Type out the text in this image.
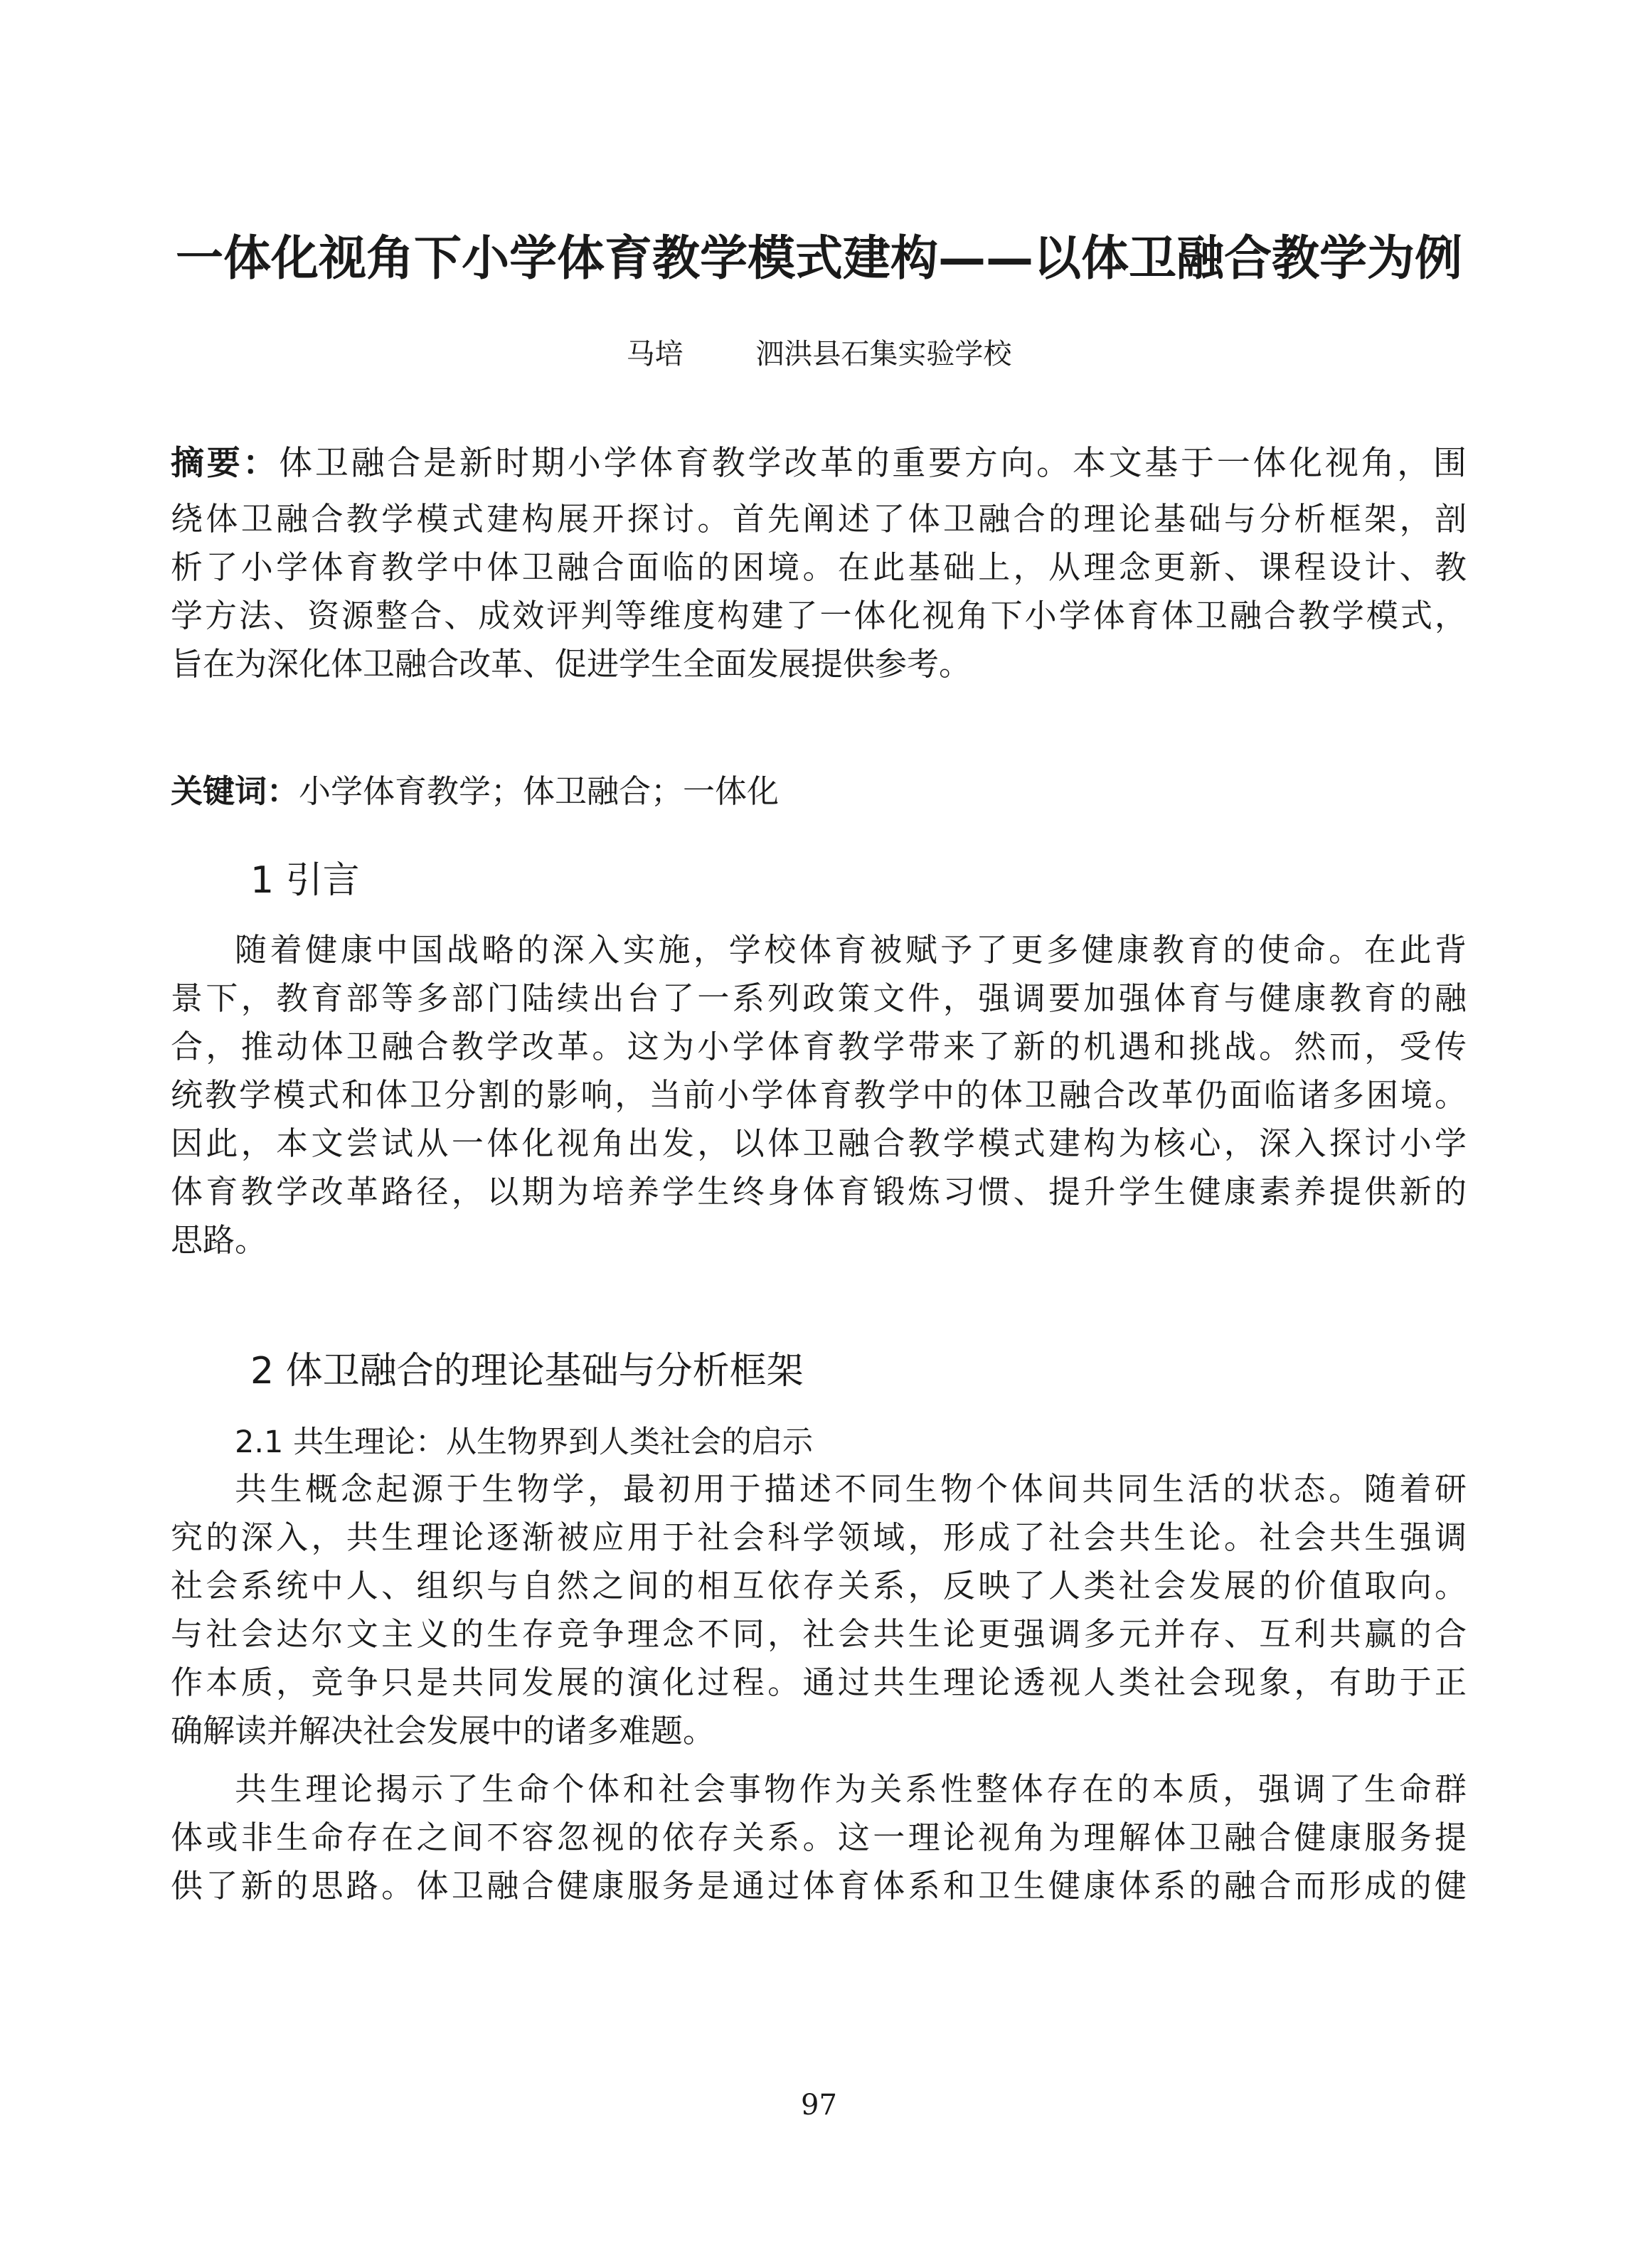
一体化视角下小学体育教学模式建构——以体卫融合教学为例
马培	泗洪县石集实验学校
摘要：体卫融合是新时期小学体育教学改革的重要方向。本文基于一体化视角，围
绕体卫融合教学模式建构展开探讨。首先阐述了体卫融合的理论基础与分析框架，剖
析了小学体育教学中体卫融合面临的困境。在此基础上，从理念更新、课程设计、教
学方法、资源整合、成效评判等维度构建了一体化视角下小学体育体卫融合教学模式，
旨在为深化体卫融合改革、促进学生全面发展提供参考。
关键词：小学体育教学；体卫融合；一体化
1 引言
随着健康中国战略的深入实施，学校体育被赋予了更多健康教育的使命。在此背
景下，教育部等多部门陆续出台了一系列政策文件，强调要加强体育与健康教育的融
合，推动体卫融合教学改革。这为小学体育教学带来了新的机遇和挑战。然而，受传
统教学模式和体卫分割的影响，当前小学体育教学中的体卫融合改革仍面临诸多困境。
因此，本文尝试从一体化视角出发，以体卫融合教学模式建构为核心，深入探讨小学
体育教学改革路径，以期为培养学生终身体育锻炼习惯、提升学生健康素养提供新的
思路。
2 体卫融合的理论基础与分析框架
2.1 共生理论：从生物界到人类社会的启示
共生概念起源于生物学，最初用于描述不同生物个体间共同生活的状态。随着研
究的深入，共生理论逐渐被应用于社会科学领域，形成了社会共生论。社会共生强调
社会系统中人、组织与自然之间的相互依存关系，反映了人类社会发展的价值取向。
与社会达尔文主义的生存竞争理念不同，社会共生论更强调多元并存、互利共赢的合
作本质，竞争只是共同发展的演化过程。通过共生理论透视人类社会现象，有助于正
确解读并解决社会发展中的诸多难题。
共生理论揭示了生命个体和社会事物作为关系性整体存在的本质，强调了生命群
体或非生命存在之间不容忽视的依存关系。这一理论视角为理解体卫融合健康服务提
供了新的思路。体卫融合健康服务是通过体育体系和卫生健康体系的融合而形成的健
97
